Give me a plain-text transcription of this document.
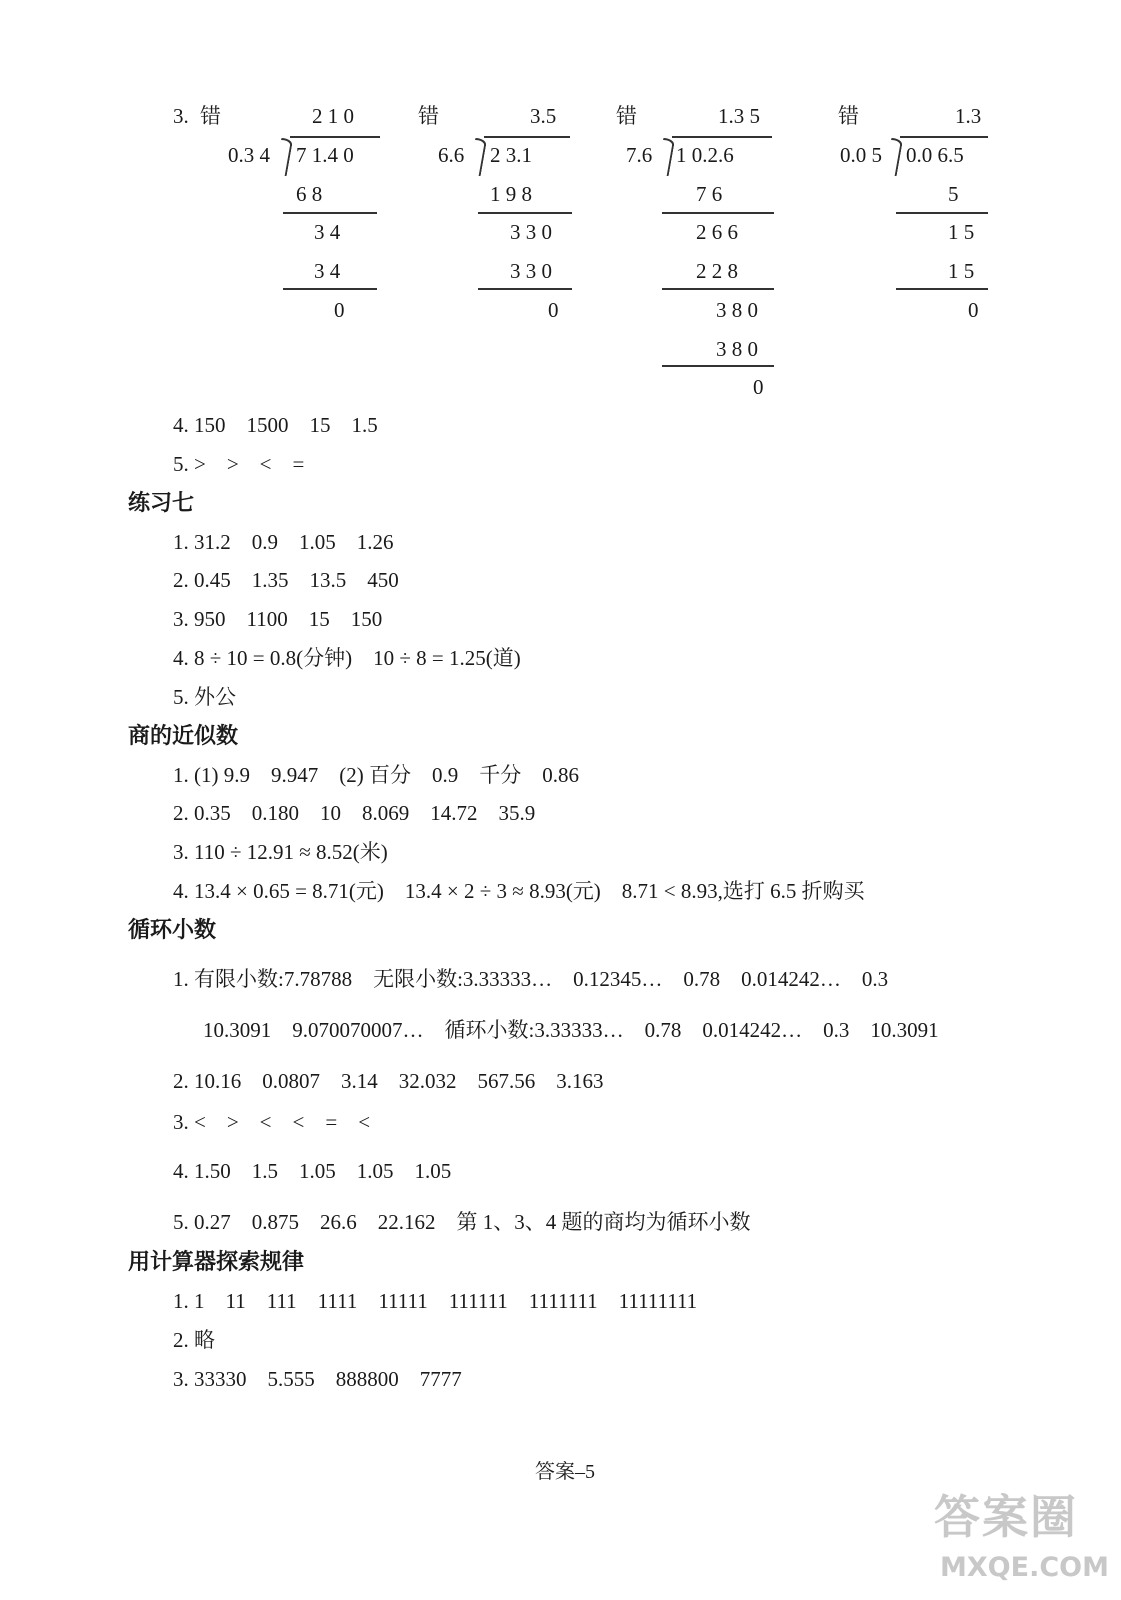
3. 错	2 1 0
0.3 4 7 1.4 0
6 8
3 4
3 4
0
错	3.5
6.6 2 3.1
1 9 8
3 3 0
3 3 0
0
错	1.3 5
7.6 1 0.2.6
7 6
2 6 6
2 2 8
3 8 0
3 8 0
0
错	1.3
0.0 5 0.0 6.5
5
1 5
1 5
0
4. 150    1500    15    1.5
5. >    >    <    =
练习七
1. 31.2    0.9    1.05    1.26
2. 0.45    1.35    13.5    450
3. 950    1100    15    150
4. 8 ÷ 10 = 0.8(分钟)    10 ÷ 8 = 1.25(道)
5. 外公
商的近似数
1. (1) 9.9    9.947    (2) 百分    0.9    千分    0.86
2. 0.35    0.180    10    8.069    14.72    35.9
3. 110 ÷ 12.91 ≈ 8.52(米)
4. 13.4 × 0.65 = 8.71(元)    13.4 × 2 ÷ 3 ≈ 8.93(元)    8.71 < 8.93,选打 6.5 折购买
循环小数
1. 有限小数:7.78788    无限小数:3.33333…    0.12345…    0.78    0.014242…    0.3
10.3091    9.070070007…    循环小数:3.33333…    0.78    0.014242…    0.3    10.3091
2. 10.16    0.0807    3.14    32.032    567.56    3.163
3. <    >    <    <    =    <
4. 1.50    1.5    1.05    1.05    1.05
5. 0.27    0.875    26.6    22.162    第 1、3、4 题的商均为循环小数
用计算器探索规律
1. 1    11    111    1111    11111    111111    1111111    11111111
2. 略
3. 33330    5.555    888800    7777
答案–5
答案圈
MXQE.COM
